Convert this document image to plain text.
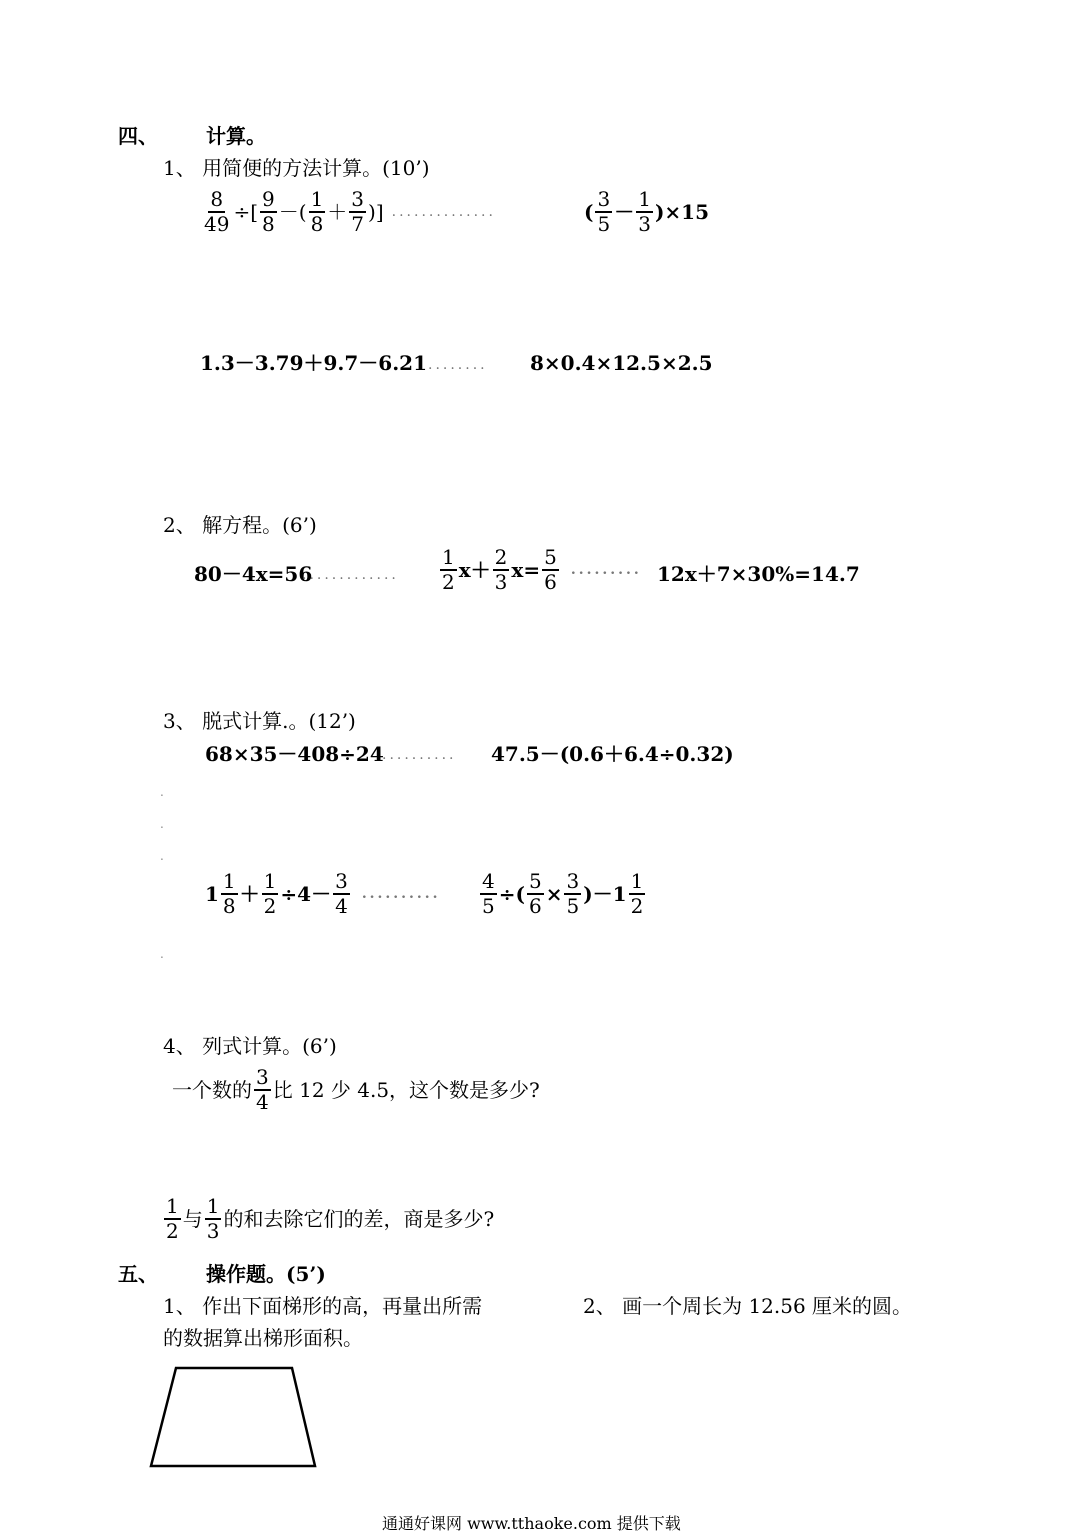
四、 计算。
1、 用简便的方法计算。(10’)
$\frac{8}{49}$ ÷[ $\frac{9}{8}$ －( $\frac{1}{8} + \frac{3}{7}$ )] ..............	( $\frac{3}{5} - \frac{1}{3} )\times 15$
1.3－3.79＋9.7－6.21 ........ 8×0.4×12.5×2.5
2、 解方程。(6’)
80－4x=56
............. $\frac{1}{2} x+ \frac{2}{3} x= \frac{5}{6}$ ......... 12x＋7×30%=14.7
3、 脱式计算.。(12’)
68×35－408÷24
.......... 47.5－(0.6＋6.4÷0.32)
.
.
.
$1 \frac{1}{8} + \frac{1}{2} \div 4- \frac{3}{4}$ .......... $\frac{4}{5}$ ÷( $\frac{5}{6} \times \frac{3}{5} )-1 \frac{1}{2}$
.
4、 列式计算。(6’)
一个数的 $\frac{3}{4}$ 比 12 少 4.5，这个数是多少?
$\frac{1}{2}$ 与 $\frac{1}{3}$ 的和去除它们的差，商是多少?
五、 操作题。(5’)
1、 作出下面梯形的高，再量出所需
的数据算出梯形面积。
2、 画一个周长为 12.56 厘米的圆。
通通好课网 www.tthaoke.com 提供下载
